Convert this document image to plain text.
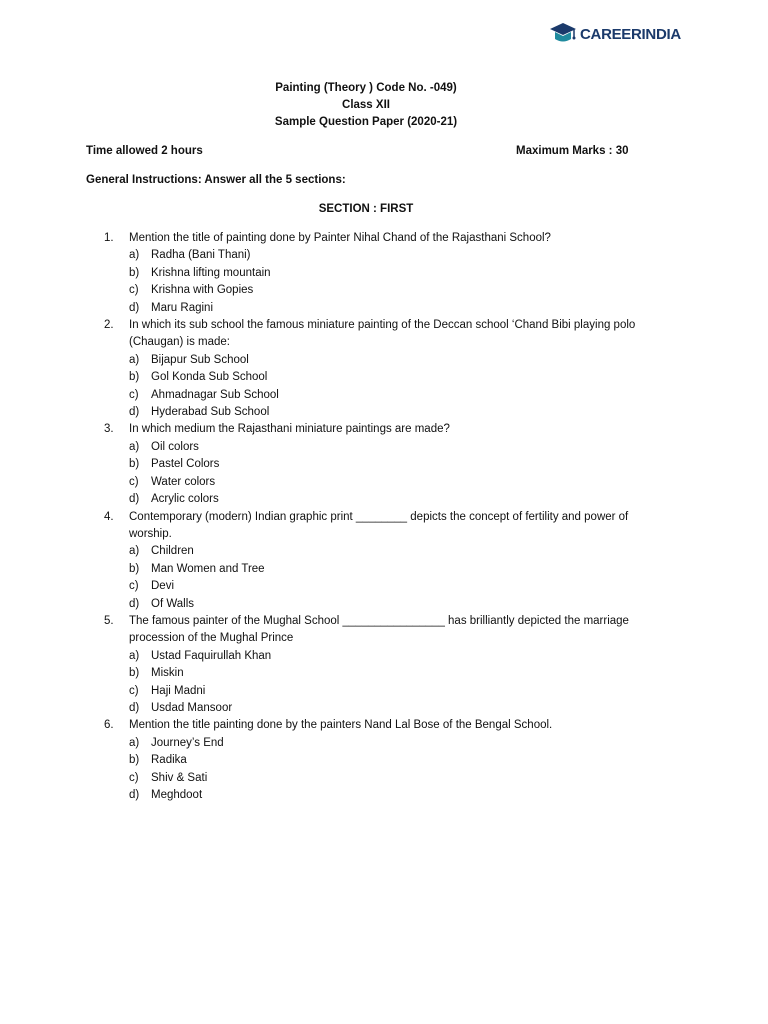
CAREERINDIA
Painting (Theory ) Code No. -049)
Class XII
Sample Question Paper (2020-21)
Time allowed 2 hours	Maximum Marks : 30
General Instructions: Answer all the 5 sections:
SECTION : FIRST
1.	Mention the title of painting done by Painter Nihal Chand of the Rajasthani School?
a)	Radha (Bani Thani)
b)	Krishna lifting mountain
c)	Krishna with Gopies
d)	Maru Ragini
2.	In which its sub school the famous miniature painting of the Deccan school ‘Chand Bibi playing polo (Chaugan) is made:
a)	Bijapur Sub School
b)	Gol Konda Sub School
c)	Ahmadnagar Sub School
d)	Hyderabad Sub School
3.	In which medium the Rajasthani miniature paintings are made?
a)	Oil colors
b)	Pastel Colors
c)	Water colors
d)	Acrylic colors
4.	Contemporary (modern) Indian graphic print ________ depicts the concept of fertility and power of worship.
a)	Children
b)	Man Women and Tree
c)	Devi
d)	Of Walls
5.	The famous painter of the Mughal School ________________ has brilliantly depicted the marriage procession of the Mughal Prince
a)	Ustad Faquirullah Khan
b)	Miskin
c)	Haji Madni
d)	Usdad Mansoor
6.	Mention the title painting done by the painters Nand Lal Bose of the Bengal School.
a)	Journey’s End
b)	Radika
c)	Shiv & Sati
d)	Meghdoot
